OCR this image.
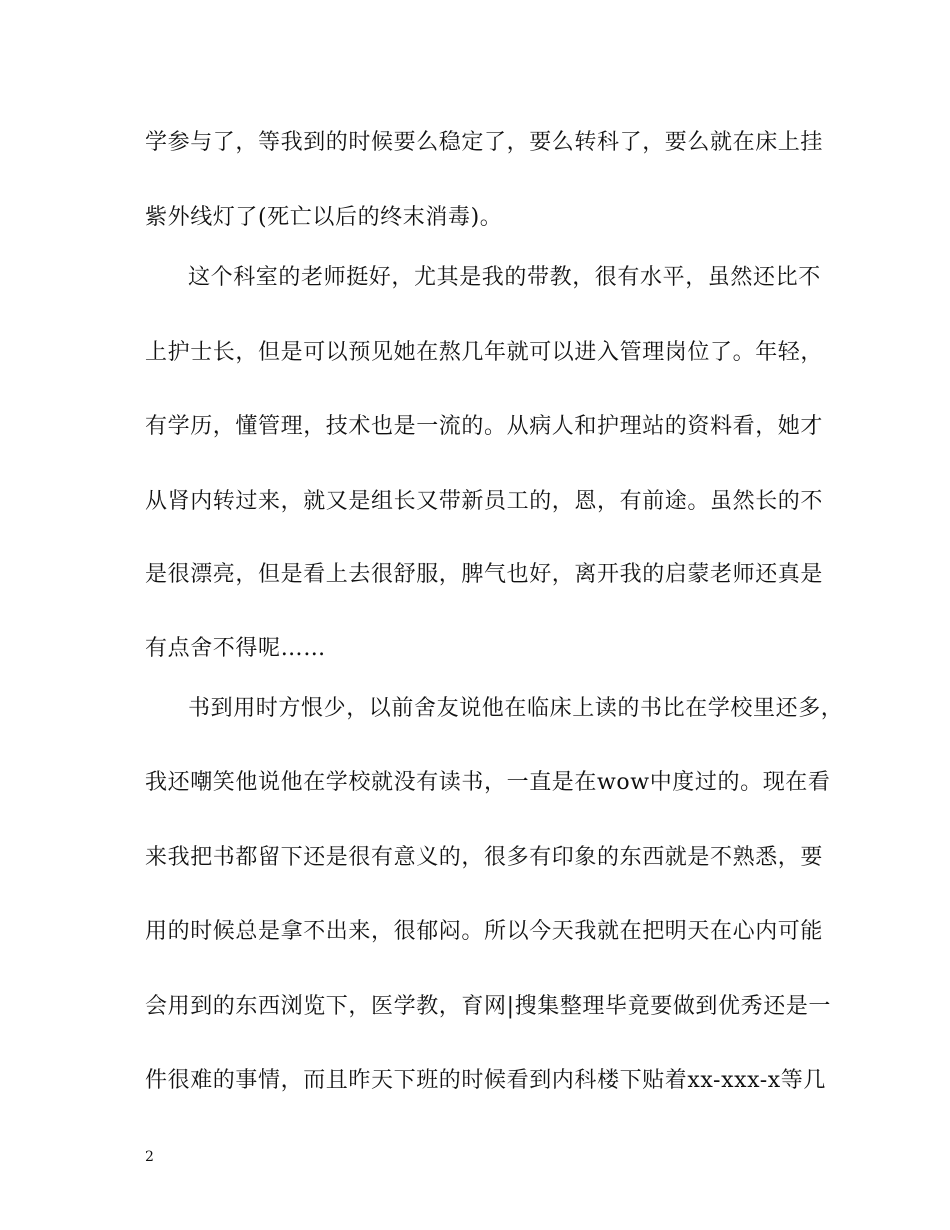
学参与了，等我到的时候要么稳定了，要么转科了，要么就在床上挂
紫外线灯了(死亡以后的终末消毒)。
这个科室的老师挺好，尤其是我的带教，很有水平，虽然还比不
上护士长，但是可以预见她在熬几年就可以进入管理岗位了。年轻，
有学历，懂管理，技术也是一流的。从病人和护理站的资料看，她才
从肾内转过来，就又是组长又带新员工的，恩，有前途。虽然长的不
是很漂亮，但是看上去很舒服，脾气也好，离开我的启蒙老师还真是
有点舍不得呢……
书到用时方恨少，以前舍友说他在临床上读的书比在学校里还多，
我还嘲笑他说他在学校就没有读书，一直是在wow中度过的。现在看
来我把书都留下还是很有意义的，很多有印象的东西就是不熟悉，要
用的时候总是拿不出来，很郁闷。所以今天我就在把明天在心内可能
会用到的东西浏览下，医学教，育网|搜集整理毕竟要做到优秀还是一
件很难的事情，而且昨天下班的时候看到内科楼下贴着xx-xxx-x等几
2
